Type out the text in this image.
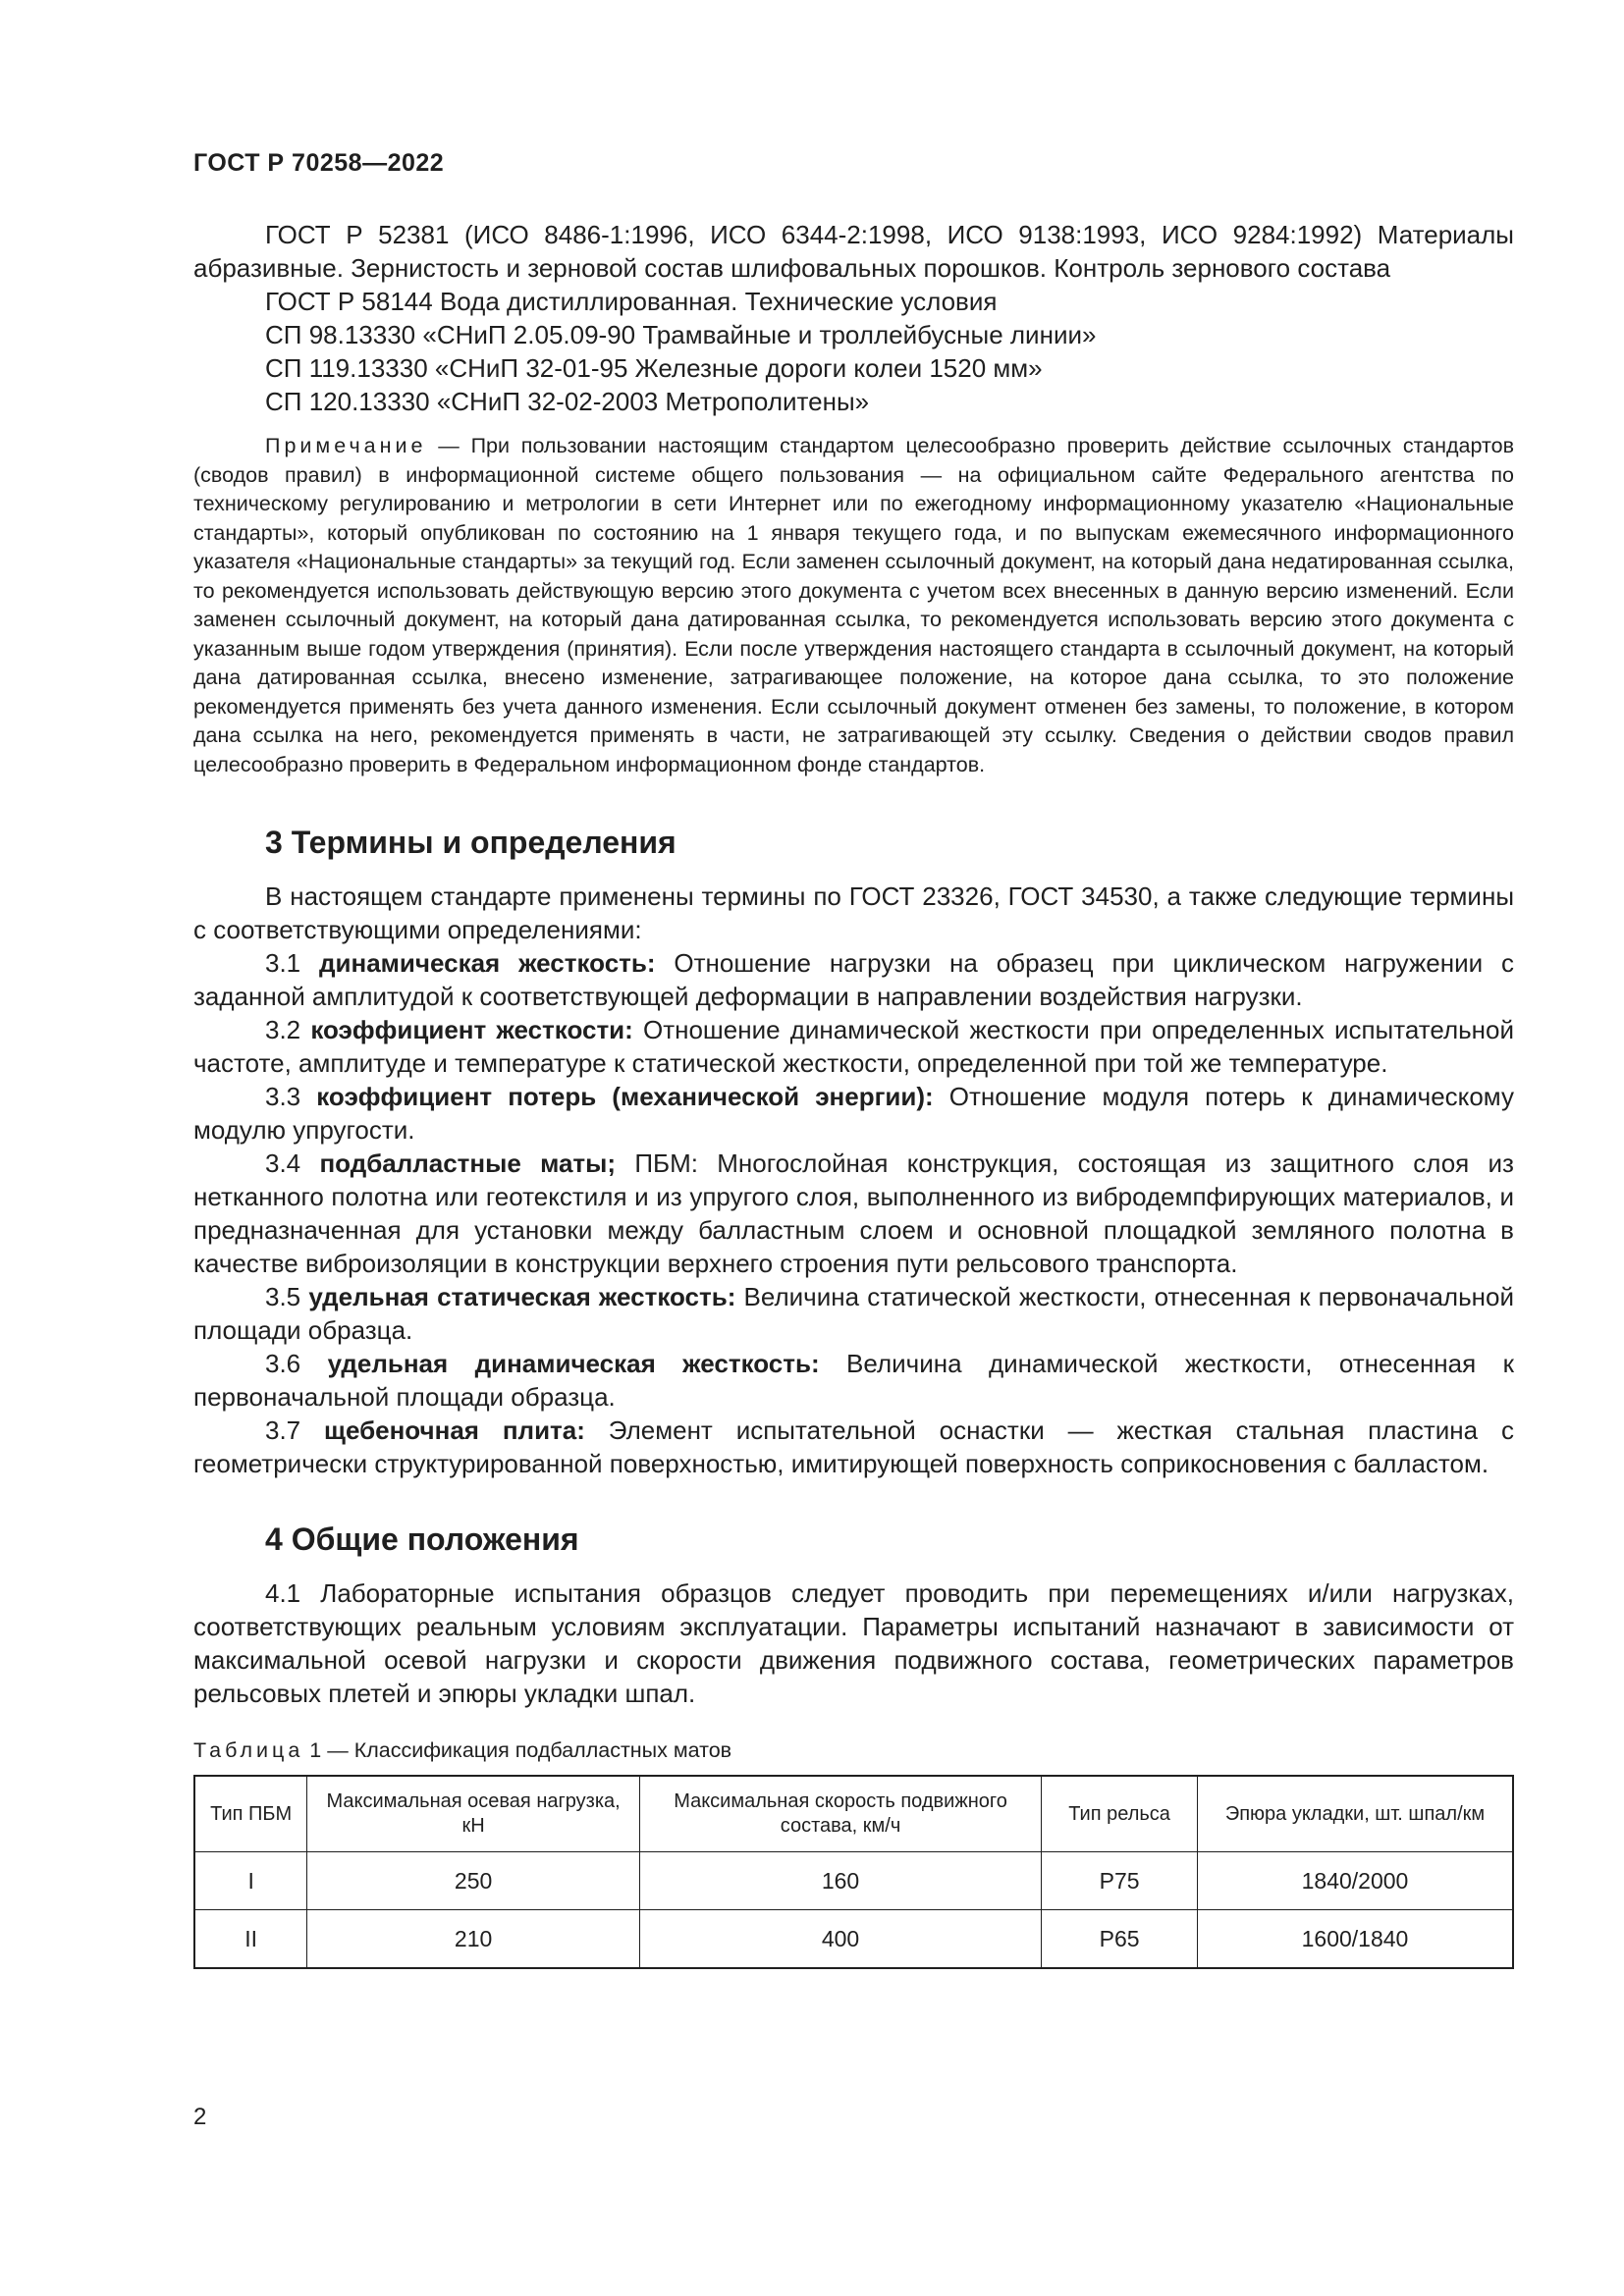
ГОСТ Р 70258—2022

ГОСТ Р 52381 (ИСО 8486-1:1996, ИСО 6344-2:1998, ИСО 9138:1993, ИСО 9284:1992) Материалы абразивные. Зернистость и зерновой состав шлифовальных порошков. Контроль зернового состава

ГОСТ Р 58144 Вода дистиллированная. Технические условия

СП 98.13330 «СНиП 2.05.09-90 Трамвайные и троллейбусные линии»

СП 119.13330 «СНиП 32-01-95 Железные дороги колеи 1520 мм»

СП 120.13330 «СНиП 32-02-2003 Метрополитены»

Примечание — При пользовании настоящим стандартом целесообразно проверить действие ссылочных стандартов (сводов правил) в информационной системе общего пользования — на официальном сайте Федерального агентства по техническому регулированию и метрологии в сети Интернет или по ежегодному информационному указателю «Национальные стандарты», который опубликован по состоянию на 1 января текущего года, и по выпускам ежемесячного информационного указателя «Национальные стандарты» за текущий год. Если заменен ссылочный документ, на который дана недатированная ссылка, то рекомендуется использовать действующую версию этого документа с учетом всех внесенных в данную версию изменений. Если заменен ссылочный документ, на который дана датированная ссылка, то рекомендуется использовать версию этого документа с указанным выше годом утверждения (принятия). Если после утверждения настоящего стандарта в ссылочный документ, на который дана датированная ссылка, внесено изменение, затрагивающее положение, на которое дана ссылка, то это положение рекомендуется применять без учета данного изменения. Если ссылочный документ отменен без замены, то положение, в котором дана ссылка на него, рекомендуется применять в части, не затрагивающей эту ссылку. Сведения о действии сводов правил целесообразно проверить в Федеральном информационном фонде стандартов.

3 Термины и определения

В настоящем стандарте применены термины по ГОСТ 23326, ГОСТ 34530, а также следующие термины с соответствующими определениями:

3.1 динамическая жесткость: Отношение нагрузки на образец при циклическом нагружении с заданной амплитудой к соответствующей деформации в направлении воздействия нагрузки.

3.2 коэффициент жесткости: Отношение динамической жесткости при определенных испытательной частоте, амплитуде и температуре к статической жесткости, определенной при той же температуре.

3.3 коэффициент потерь (механической энергии): Отношение модуля потерь к динамическому модулю упругости.

3.4 подбалластные маты; ПБМ: Многослойная конструкция, состоящая из защитного слоя из нетканного полотна или геотекстиля и из упругого слоя, выполненного из вибродемпфирующих материалов, и предназначенная для установки между балластным слоем и основной площадкой земляного полотна в качестве виброизоляции в конструкции верхнего строения пути рельсового транспорта.

3.5 удельная статическая жесткость: Величина статической жесткости, отнесенная к первоначальной площади образца.

3.6 удельная динамическая жесткость: Величина динамической жесткости, отнесенная к первоначальной площади образца.

3.7 щебеночная плита: Элемент испытательной оснастки — жесткая стальная пластина с геометрически структурированной поверхностью, имитирующей поверхность соприкосновения с балластом.

4 Общие положения

4.1 Лабораторные испытания образцов следует проводить при перемещениях и/или нагрузках, соответствующих реальным условиям эксплуатации. Параметры испытаний назначают в зависимости от максимальной осевой нагрузки и скорости движения подвижного состава, геометрических параметров рельсовых плетей и эпюры укладки шпал.

Таблица 1 — Классификация подбалластных матов
Тип ПБМ	Максимальная осевая нагрузка, кН	Максимальная скорость подвижного состава, км/ч	Тип рельса	Эпюра укладки, шт. шпал/км
I	250	160	Р75	1840/2000
II	210	400	Р65	1600/1840
2
